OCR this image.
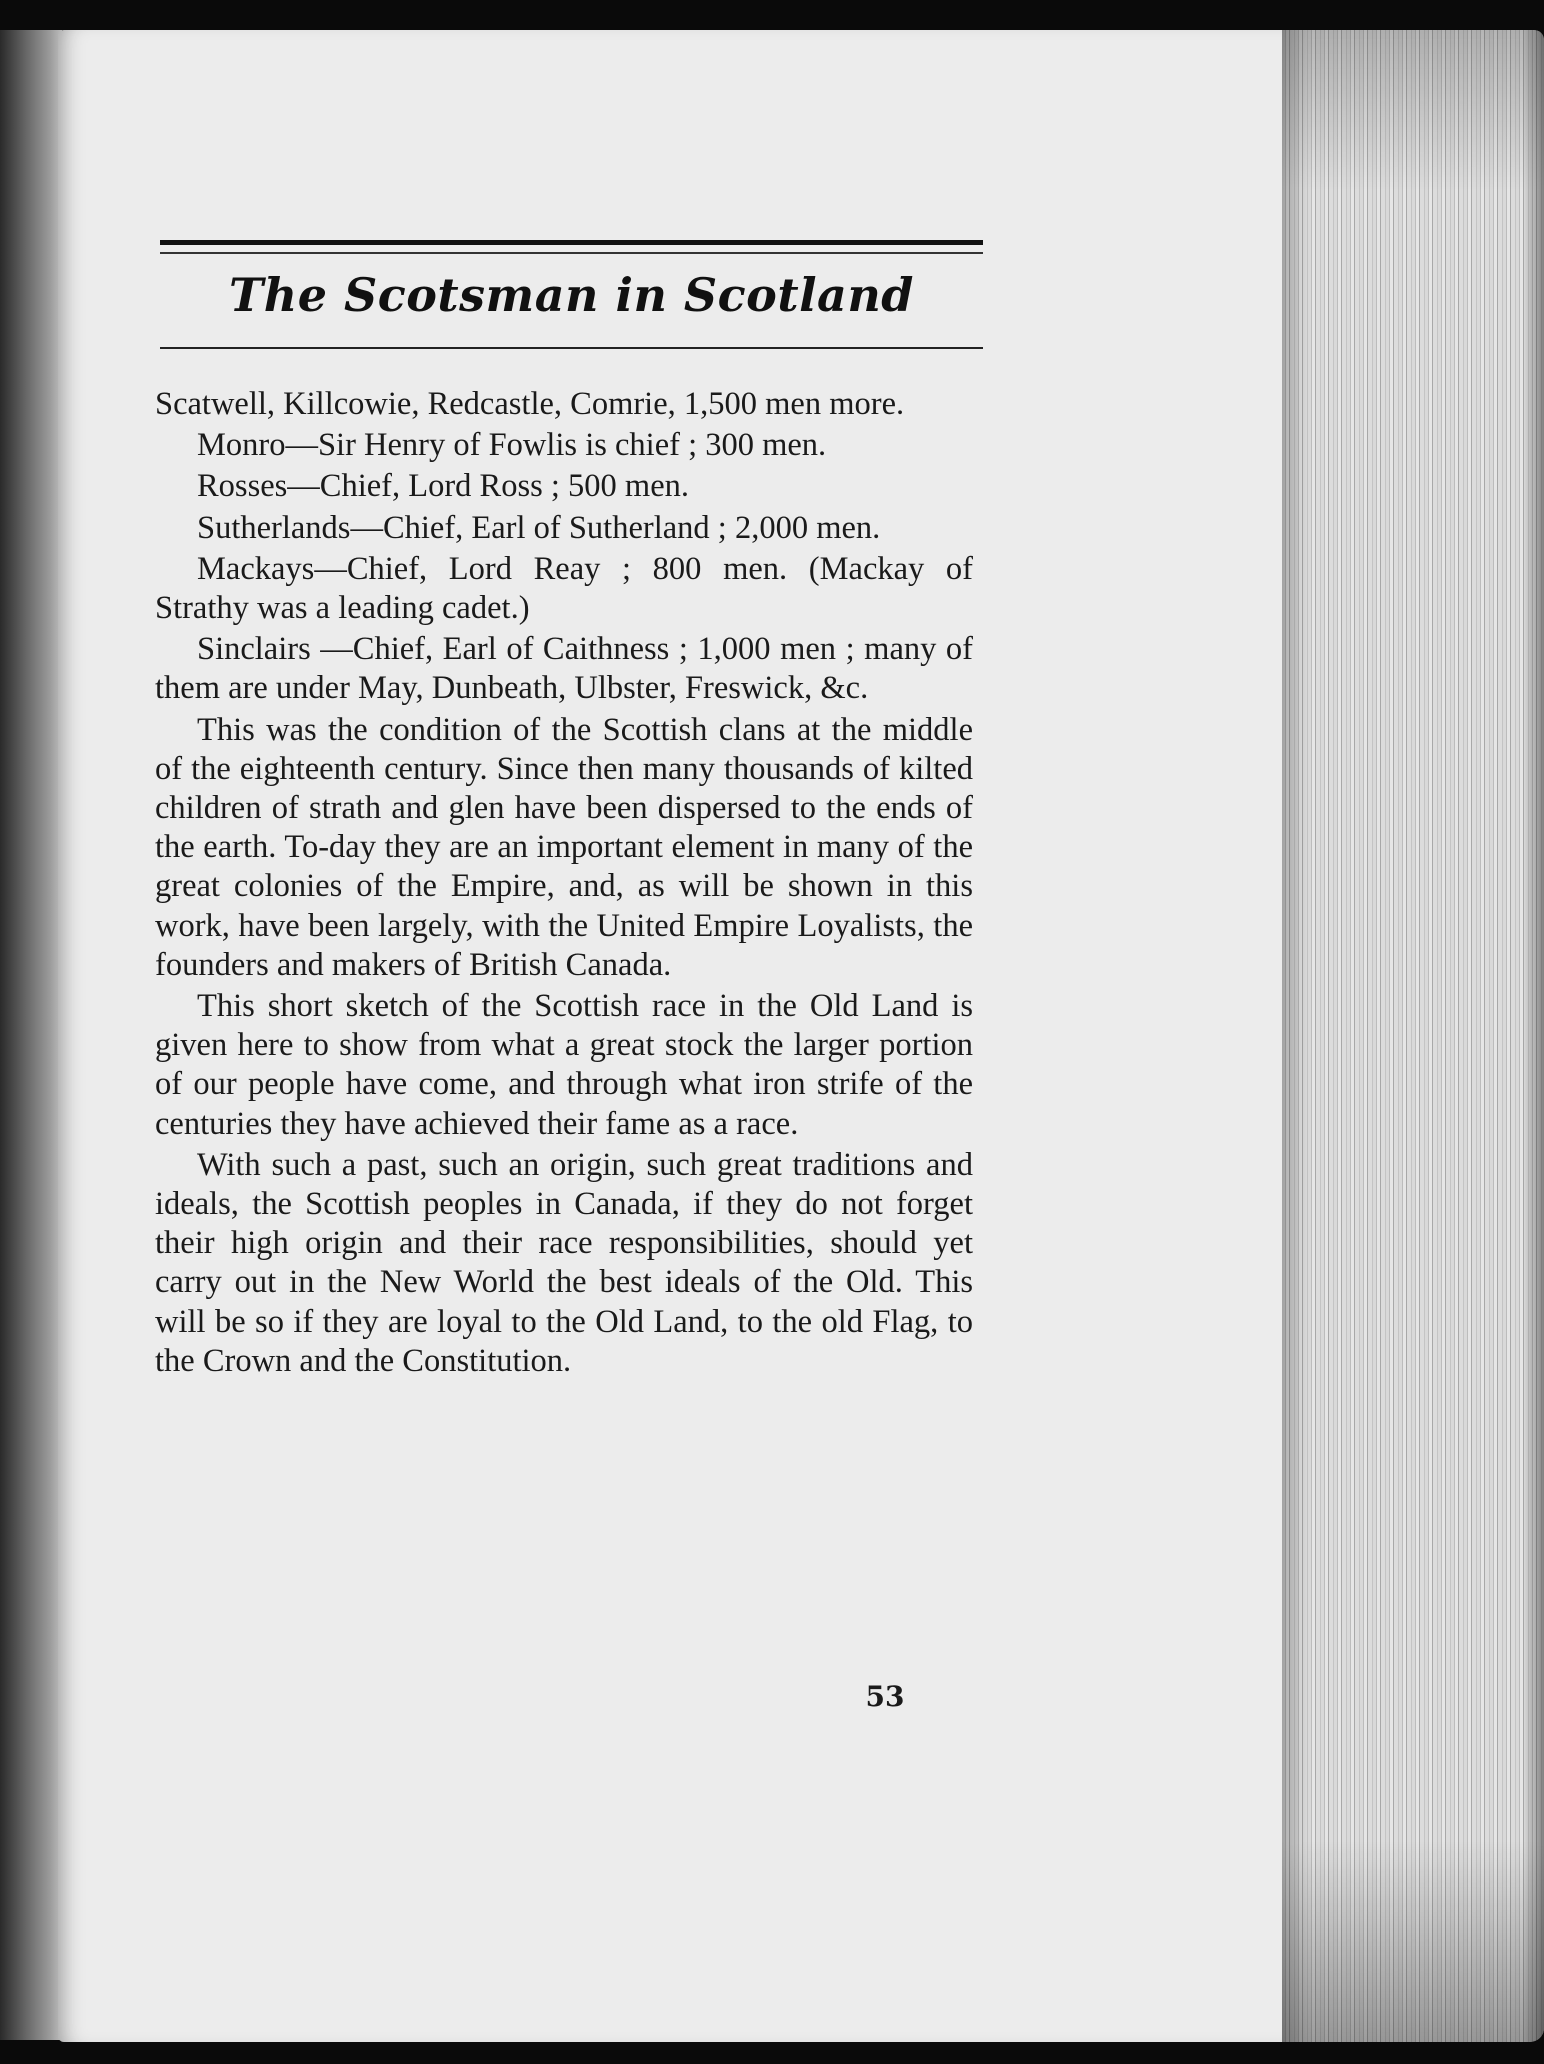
The Scotsman in Scotland

Scatwell, Killcowie, Redcastle, Comrie, 1,500 men more.

Monro—Sir Henry of Fowlis is chief ; 300 men.

Rosses—Chief, Lord Ross ; 500 men.

Sutherlands—Chief, Earl of Sutherland ; 2,000 men.

Mackays—Chief, Lord Reay ; 800 men. (Mackay of Strathy was a leading cadet.)

Sinclairs —Chief, Earl of Caithness ; 1,000 men ; many of them are under May, Dunbeath, Ulbster, Freswick, &c.

This was the condition of the Scottish clans at the middle of the eighteenth century. Since then many thousands of kilted children of strath and glen have been dispersed to the ends of the earth. To-day they are an important element in many of the great colonies of the Empire, and, as will be shown in this work, have been largely, with the United Empire Loyalists, the founders and makers of British Canada.

This short sketch of the Scottish race in the Old Land is given here to show from what a great stock the larger portion of our people have come, and through what iron strife of the centuries they have achieved their fame as a race.

With such a past, such an origin, such great traditions and ideals, the Scottish peoples in Canada, if they do not forget their high origin and their race responsibilities, should yet carry out in the New World the best ideals of the Old. This will be so if they are loyal to the Old Land, to the old Flag, to the Crown and the Constitution.

53
